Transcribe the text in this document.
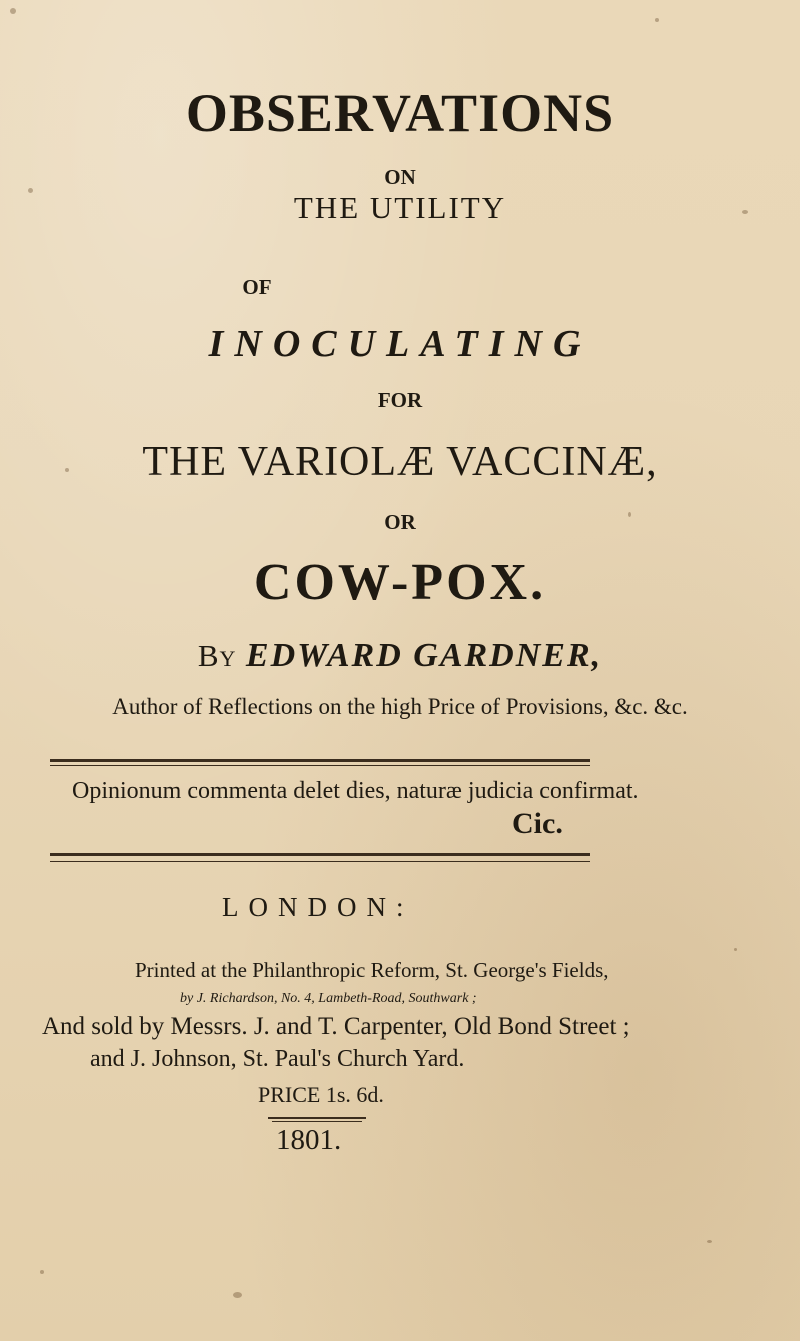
OBSERVATIONS

ON

THE UTILITY

OF

INOCULATING

FOR

THE VARIOLÆ VACCINÆ,

OR

COW-POX.

By EDWARD GARDNER,

Author of Reflections on the high Price of Provisions, &c. &c.

Opinionum commenta delet dies, naturæ judicia confirmat.

Cic.

LONDON:

Printed at the Philanthropic Reform, St. George's Fields,

by J. Richardson, No. 4, Lambeth-Road, Southwark ;

And sold by Messrs. J. and T. Carpenter, Old Bond Street ;

and J. Johnson, St. Paul's Church Yard.

PRICE 1s. 6d.

1801.
